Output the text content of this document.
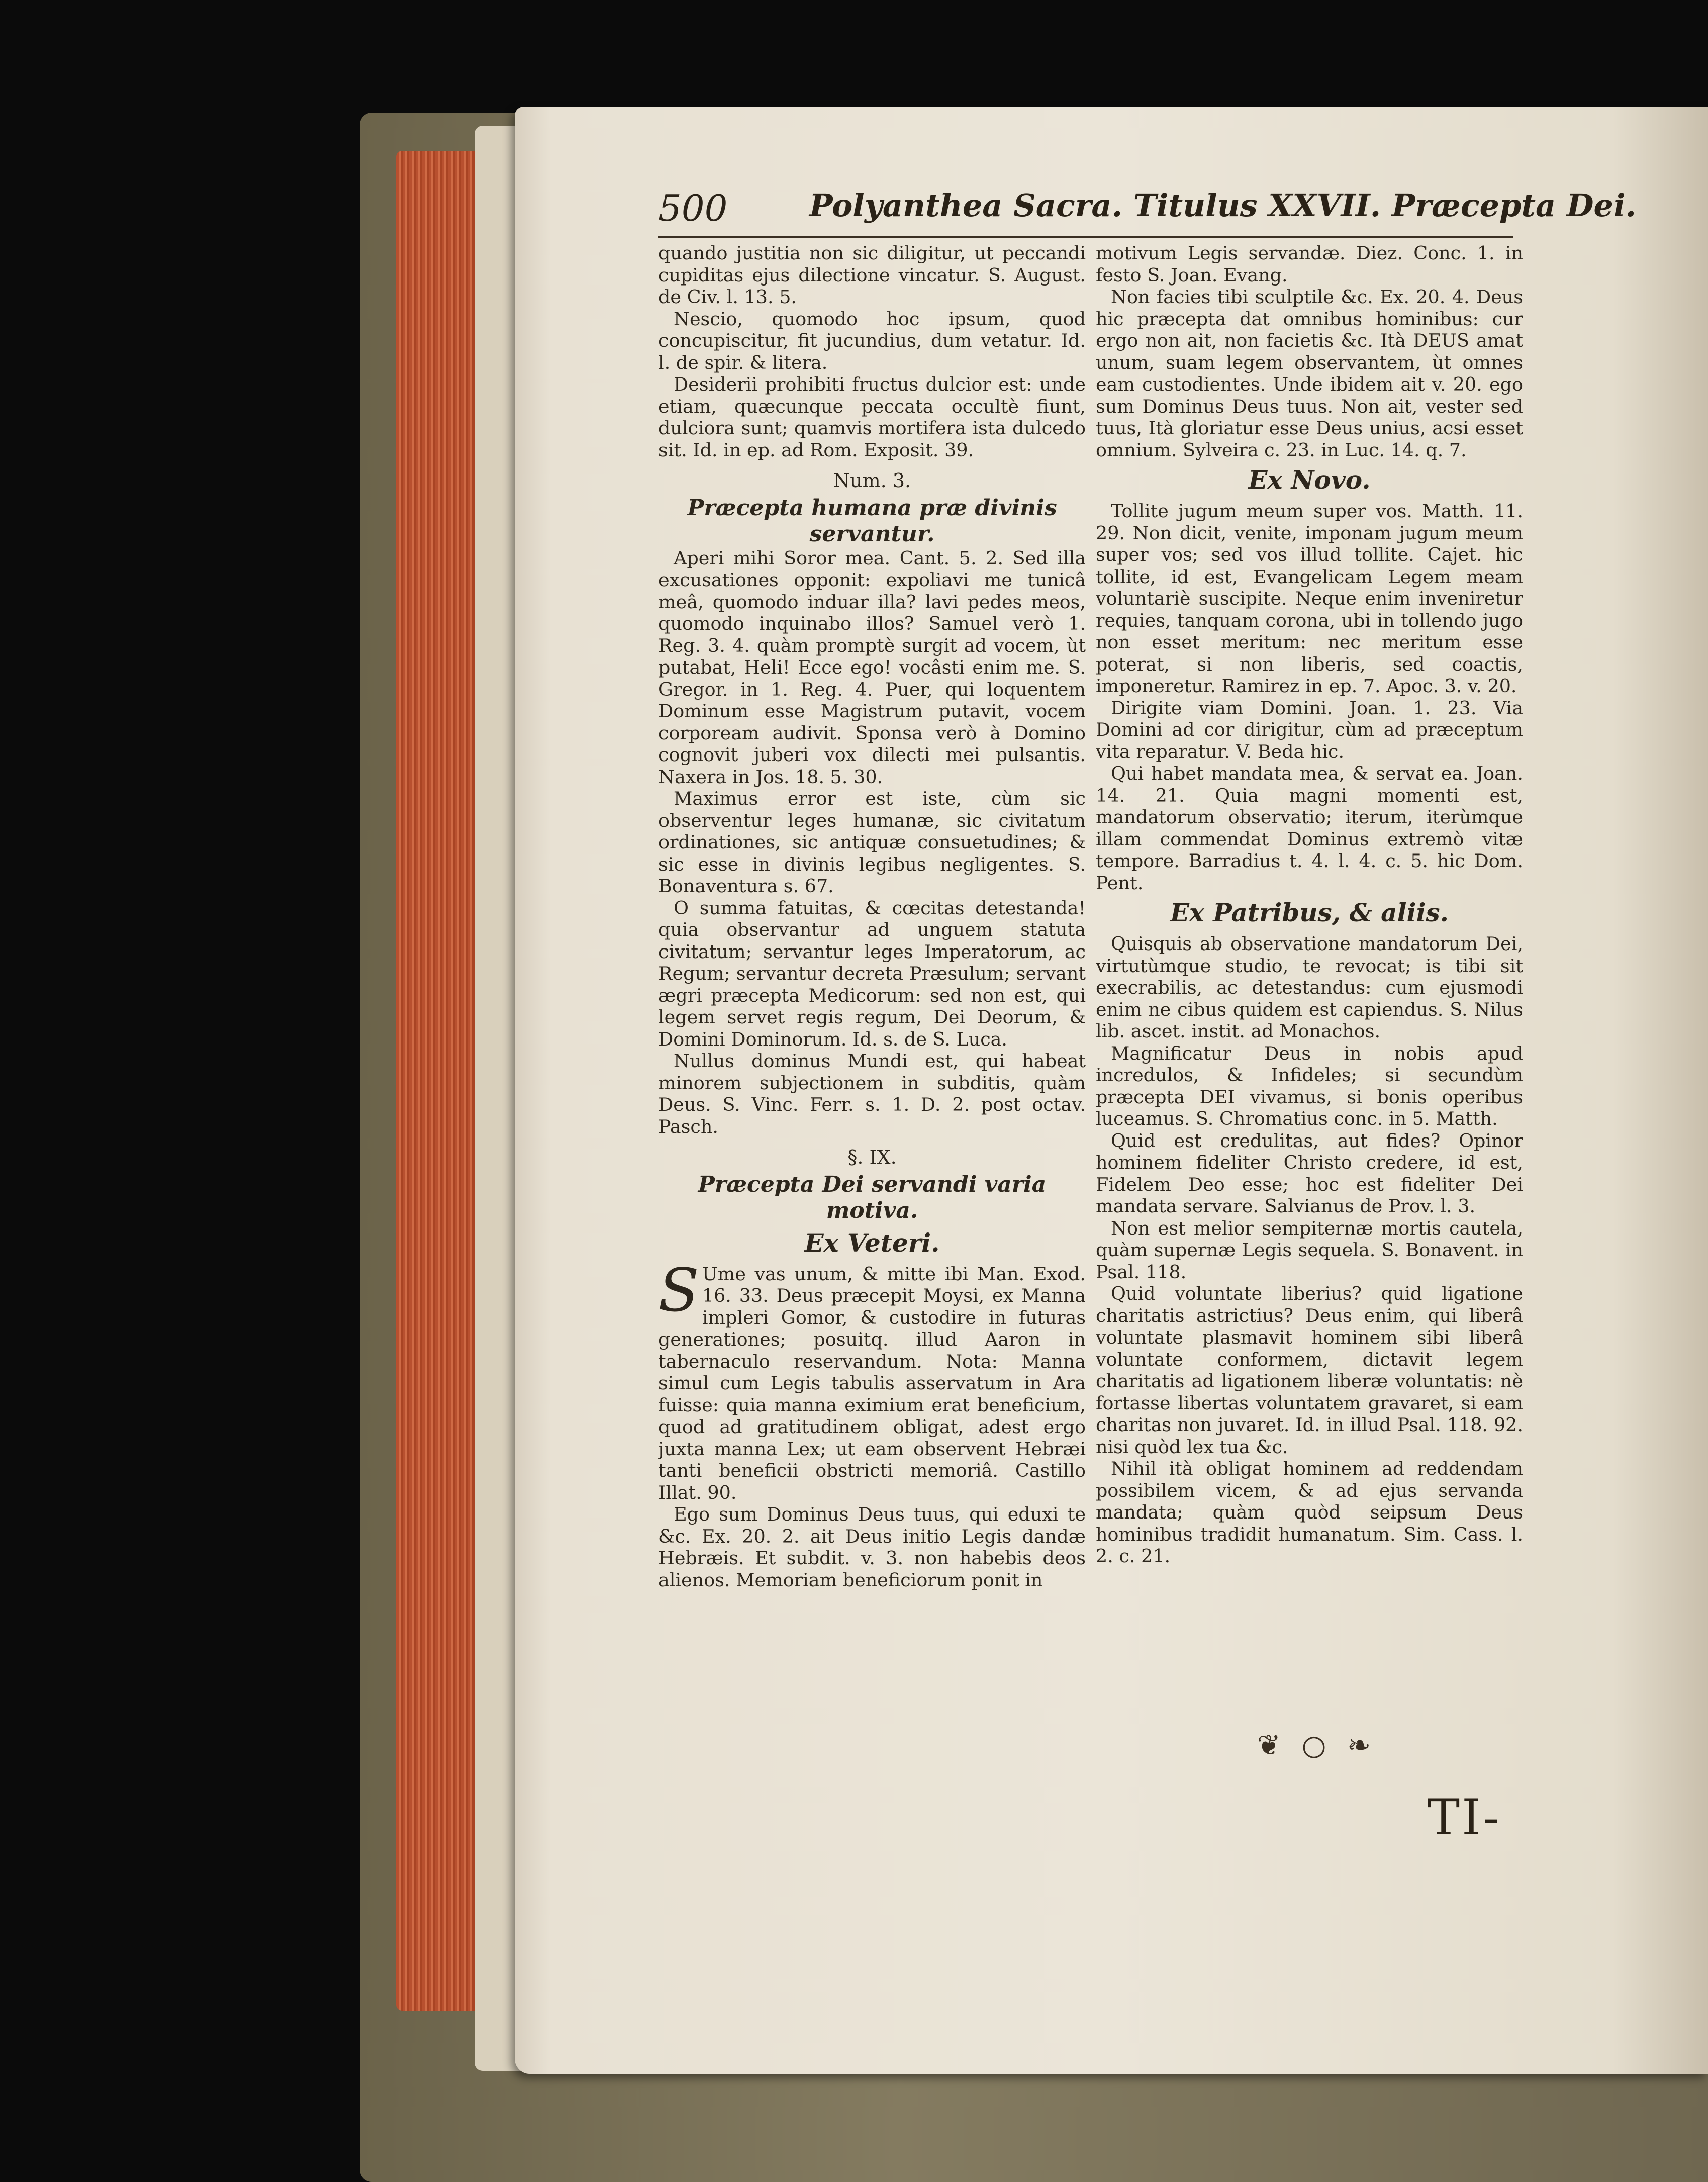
500	Polyanthea Sacra. Titulus XXVII. Præcepta Dei.

quando justitia non sic diligitur, ut peccandi cupiditas ejus dilectione vincatur. S. August. de Civ. l. 13. 5.

Nescio, quomodo hoc ipsum, quod concupiscitur, fit jucundius, dum vetatur. Id. l. de spir. & litera.

Desiderii prohibiti fructus dulcior est: unde etiam, quæcunque peccata occultè fiunt, dulciora sunt; quamvis mortifera ista dulcedo sit. Id. in ep. ad Rom. Exposit. 39.

Num. 3.
Præcepta humana præ divinis servantur.

Aperi mihi Soror mea. Cant. 5. 2. Sed illa excusationes opponit: expoliavi me tunicâ meâ, quomodo induar illa? lavi pedes meos, quomodo inquinabo illos? Samuel verò 1. Reg. 3. 4. quàm promptè surgit ad vocem, ùt putabat, Heli! Ecce ego! vocâsti enim me. S. Gregor. in 1. Reg. 4. Puer, qui loquentem Dominum esse Magistrum putavit, vocem corpoream audivit. Sponsa verò à Domino cognovit juberi vox dilecti mei pulsantis. Naxera in Jos. 18. 5. 30.

Maximus error est iste, cùm sic observentur leges humanæ, sic civitatum ordinationes, sic antiquæ consuetudines; & sic esse in divinis legibus negligentes. S. Bonaventura s. 67.

O summa fatuitas, & cœcitas detestanda! quia observantur ad unguem statuta civitatum; servantur leges Imperatorum, ac Regum; servantur decreta Præsulum; servant ægri præcepta Medicorum: sed non est, qui legem servet regis regum, Dei Deorum, & Domini Dominorum. Id. s. de S. Luca.

Nullus dominus Mundi est, qui habeat minorem subjectionem in subditis, quàm Deus. S. Vinc. Ferr. s. 1. D. 2. post octav. Pasch.

§. IX.
Præcepta Dei servandi varia motiva.
Ex Veteri.

S Ume vas unum, & mitte ibi Man. Exod. 16. 33. Deus præcepit Moysi, ex Manna impleri Gomor, & custodire in futuras generationes; posuitq. illud Aaron in tabernaculo reservandum. Nota: Manna simul cum Legis tabulis asservatum in Ara fuisse: quia manna eximium erat beneficium, quod ad gratitudinem obligat, adest ergo juxta manna Lex; ut eam observent Hebræi tanti beneficii obstricti memoriâ. Castillo Illat. 90.

Ego sum Dominus Deus tuus, qui eduxi te &c. Ex. 20. 2. ait Deus initio Legis dandæ Hebræis. Et subdit. v. 3. non habebis deos alienos. Memoriam beneficiorum ponit in

motivum Legis servandæ. Diez. Conc. 1. in festo S. Joan. Evang.

Non facies tibi sculptile &c. Ex. 20. 4. Deus hic præcepta dat omnibus hominibus: cur ergo non ait, non facietis &c. Ità DEUS amat unum, suam legem observantem, ùt omnes eam custodientes. Unde ibidem ait v. 20. ego sum Dominus Deus tuus. Non ait, vester sed tuus, Ità gloriatur esse Deus unius, acsi esset omnium. Sylveira c. 23. in Luc. 14. q. 7.

Ex Novo.

Tollite jugum meum super vos. Matth. 11. 29. Non dicit, venite, imponam jugum meum super vos; sed vos illud tollite. Cajet. hic tollite, id est, Evangelicam Legem meam voluntariè suscipite. Neque enim inveniretur requies, tanquam corona, ubi in tollendo jugo non esset meritum: nec meritum esse poterat, si non liberis, sed coactis, imponeretur. Ramirez in ep. 7. Apoc. 3. v. 20.

Dirigite viam Domini. Joan. 1. 23. Via Domini ad cor dirigitur, cùm ad præceptum vita reparatur. V. Beda hic.

Qui habet mandata mea, & servat ea. Joan. 14. 21. Quia magni momenti est, mandatorum observatio; iterum, iterùmque illam commendat Dominus extremò vitæ tempore. Barradius t. 4. l. 4. c. 5. hic Dom. Pent.

Ex Patribus, & aliis.

Quisquis ab observatione mandatorum Dei, virtutùmque studio, te revocat; is tibi sit execrabilis, ac detestandus: cum ejusmodi enim ne cibus quidem est capiendus. S. Nilus lib. ascet. instit. ad Monachos.

Magnificatur Deus in nobis apud incredulos, & Infideles; si secundùm præcepta DEI vivamus, si bonis operibus luceamus. S. Chromatius conc. in 5. Matth.

Quid est credulitas, aut fides? Opinor hominem fideliter Christo credere, id est, Fidelem Deo esse; hoc est fideliter Dei mandata servare. Salvianus de Prov. l. 3.

Non est melior sempiternæ mortis cautela, quàm supernæ Legis sequela. S. Bonavent. in Psal. 118.

Quid voluntate liberius? quid ligatione charitatis astrictius? Deus enim, qui liberâ voluntate plasmavit hominem sibi liberâ voluntate conformem, dictavit legem charitatis ad ligationem liberæ voluntatis: nè fortasse libertas voluntatem gravaret, si eam charitas non juvaret. Id. in illud Psal. 118. 92. nisi quòd lex tua &c.

Nihil ità obligat hominem ad reddendam possibilem vicem, & ad ejus servanda mandata; quàm quòd seipsum Deus hominibus tradidit humanatum. Sim. Cass. l. 2. c. 21.

❦ ○ ❧
TI-
